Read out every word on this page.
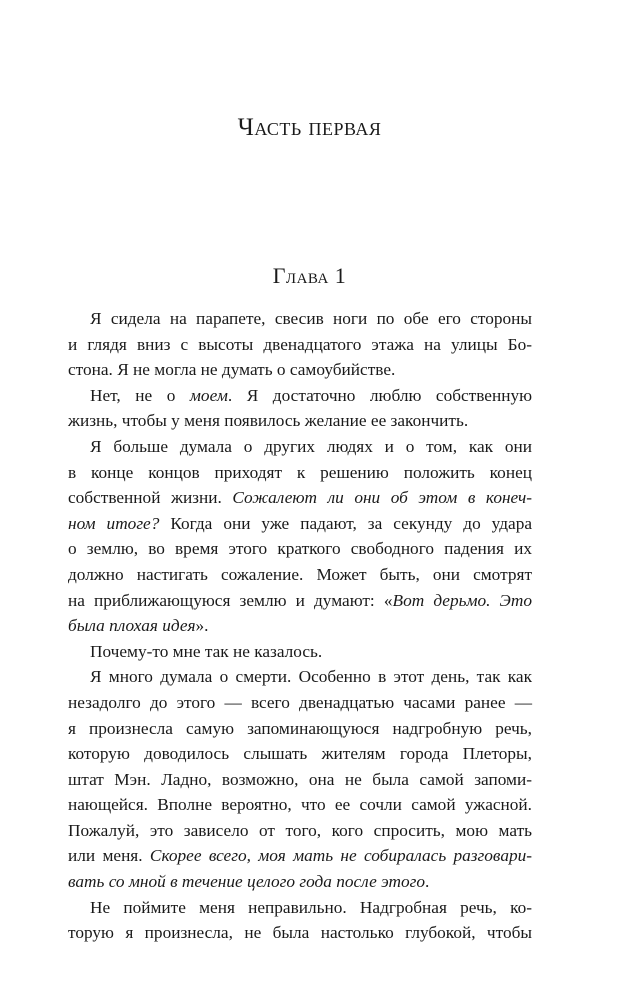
Часть первая
Глава 1
Я сидела на парапете, свесив ноги по обе его стороны
и глядя вниз с высоты двенадцатого этажа на улицы Бо-
стона. Я не могла не думать о самоубийстве.
Нет, не о моем. Я достаточно люблю собственную
жизнь, чтобы у меня появилось желание ее закончить.
Я больше думала о других людях и о том, как они
в конце концов приходят к решению положить конец
собственной жизни. Сожалеют ли они об этом в конеч-
ном итоге? Когда они уже падают, за секунду до удара
о землю, во время этого краткого свободного падения их
должно настигать сожаление. Может быть, они смотрят
на приближающуюся землю и думают: «Вот дерьмо. Это
была плохая идея».
Почему-то мне так не казалось.
Я много думала о смерти. Особенно в этот день, так как
незадолго до этого — всего двенадцатью часами ранее —
я произнесла самую запоминающуюся надгробную речь,
которую доводилось слышать жителям города Плеторы,
штат Мэн. Ладно, возможно, она не была самой запоми-
нающейся. Вполне вероятно, что ее сочли самой ужасной.
Пожалуй, это зависело от того, кого спросить, мою мать
или меня. Скорее всего, моя мать не собиралась разговари-
вать со мной в течение целого года после этого.
Не поймите меня неправильно. Надгробная речь, ко-
торую я произнесла, не была настолько глубокой, чтобы
